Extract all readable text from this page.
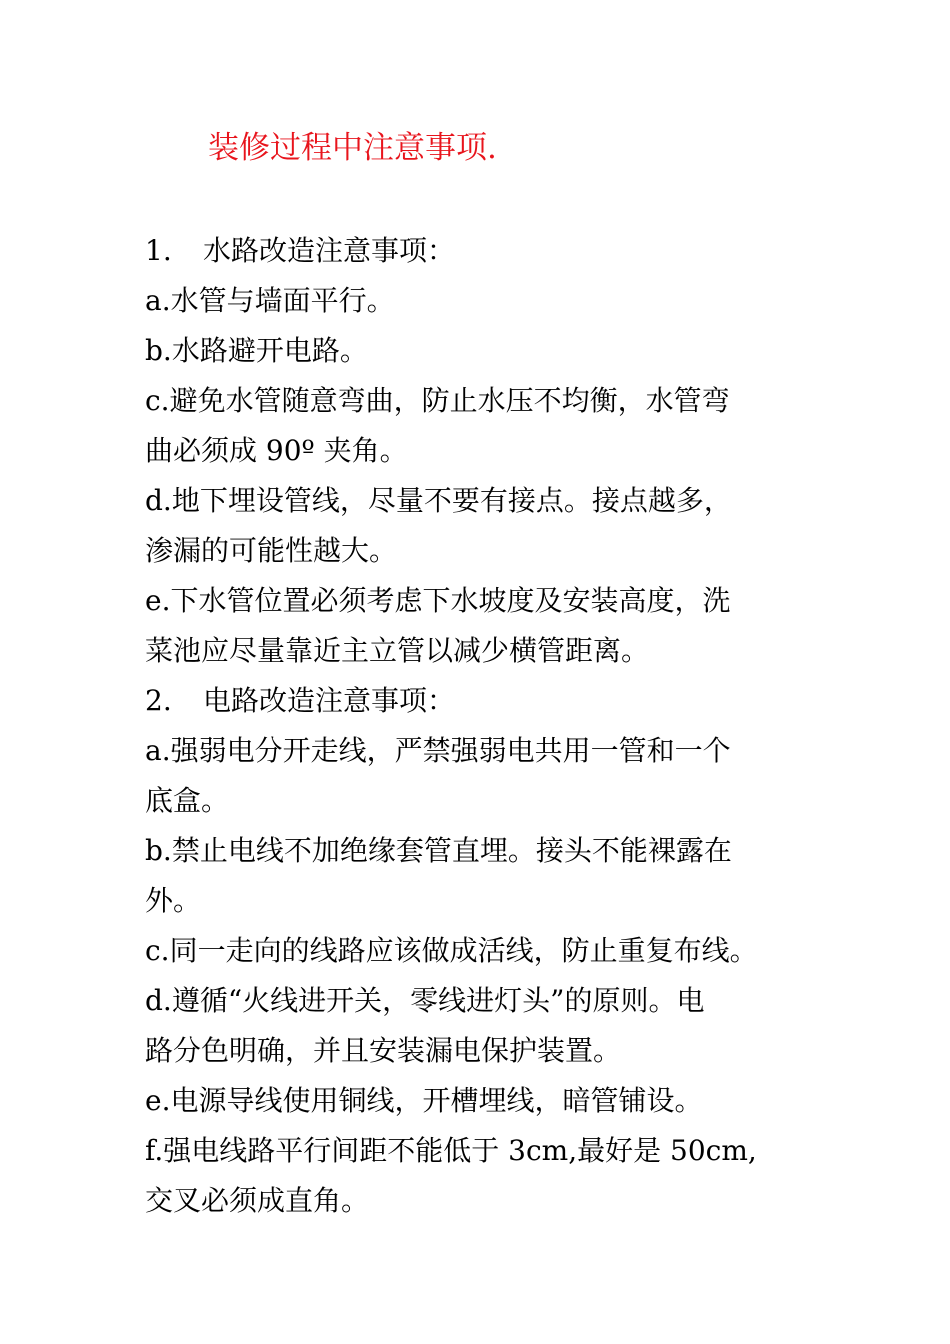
装修过程中注意事项.
1. 水路改造注意事项：
a.水管与墙面平行。
b.水路避开电路。
c.避免水管随意弯曲，防止水压不均衡，水管弯
曲必须成 90º 夹角。
d.地下埋设管线，尽量不要有接点。接点越多，
渗漏的可能性越大。
e.下水管位置必须考虑下水坡度及安装高度，洗
菜池应尽量靠近主立管以减少横管距离。
2. 电路改造注意事项：
a.强弱电分开走线，严禁强弱电共用一管和一个
底盒。
b.禁止电线不加绝缘套管直埋。接头不能裸露在
外。
c.同一走向的线路应该做成活线，防止重复布线。
d.遵循“火线进开关，零线进灯头”的原则。电
路分色明确，并且安装漏电保护装置。
e.电源导线使用铜线，开槽埋线，暗管铺设。
f.强电线路平行间距不能低于 3cm,最好是 50cm,
交叉必须成直角。
